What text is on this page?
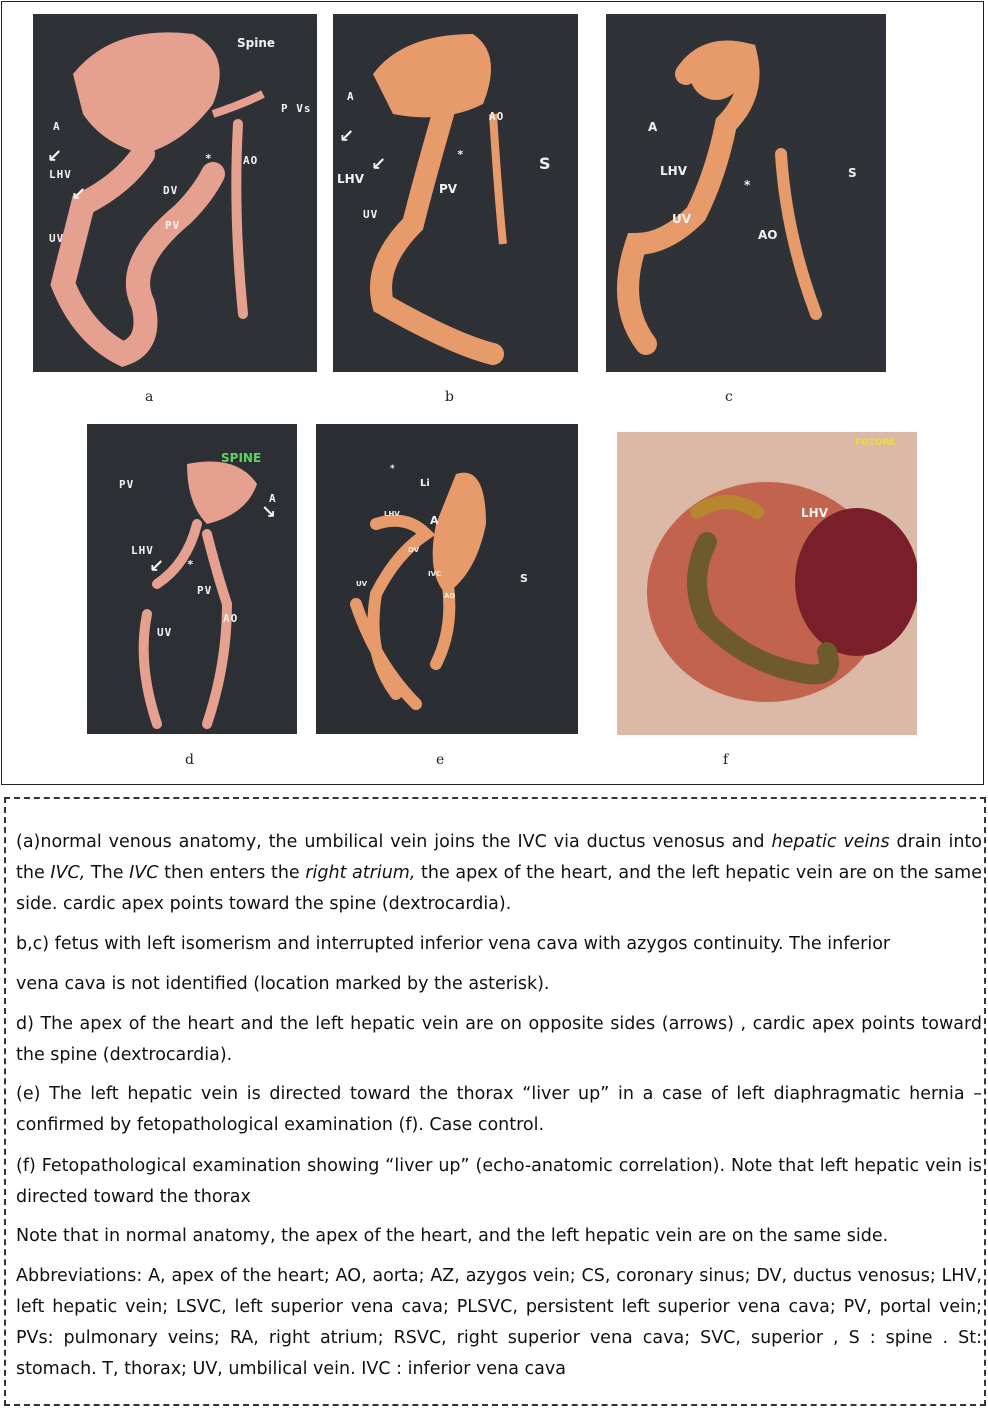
Spine
P Vs
A
LHV
AO
DV
PV
UV
*
↙
↙
a
A
AO
LHV
S
PV
UV
*
↙
↙
b
A
LHV	S
UV
AO
*
c
SPINE
PV
A
LHV
PV
AO
UV
*
↙
↘
d
Li
A
LHV
DV
IVC
UV
AO
S
*
e
FOTOPA
LHV
f
(a)normal venous anatomy, the umbilical vein joins the IVC via ductus venosus and hepatic veins drain into the IVC, The IVC then enters the right atrium, the apex of the heart, and the left hepatic vein are on the same side. cardic apex points toward the spine (dextrocardia).
b,c) fetus with left isomerism and interrupted inferior vena cava with azygos continuity. The inferior
vena cava is not identified (location marked by the asterisk).
d) The apex of the heart and the left hepatic vein are on opposite sides (arrows) , cardic apex points toward the spine (dextrocardia).
(e) The left hepatic vein is directed toward the thorax “liver up” in a case of left diaphragmatic hernia – confirmed by fetopathological examination (f). Case control.
(f) Fetopathological examination showing “liver up” (echo-anatomic correlation). Note that left hepatic vein is directed toward the thorax
Note that in normal anatomy, the apex of the heart, and the left hepatic vein are on the same side.
Abbreviations: A, apex of the heart; AO, aorta; AZ, azygos vein; CS, coronary sinus; DV, ductus venosus; LHV, left hepatic vein; LSVC, left superior vena cava; PLSVC, persistent left superior vena cava; PV, portal vein; PVs: pulmonary veins; RA, right atrium; RSVC, right superior vena cava; SVC, superior , S : spine . St: stomach. T, thorax; UV, umbilical vein. IVC : inferior vena cava
